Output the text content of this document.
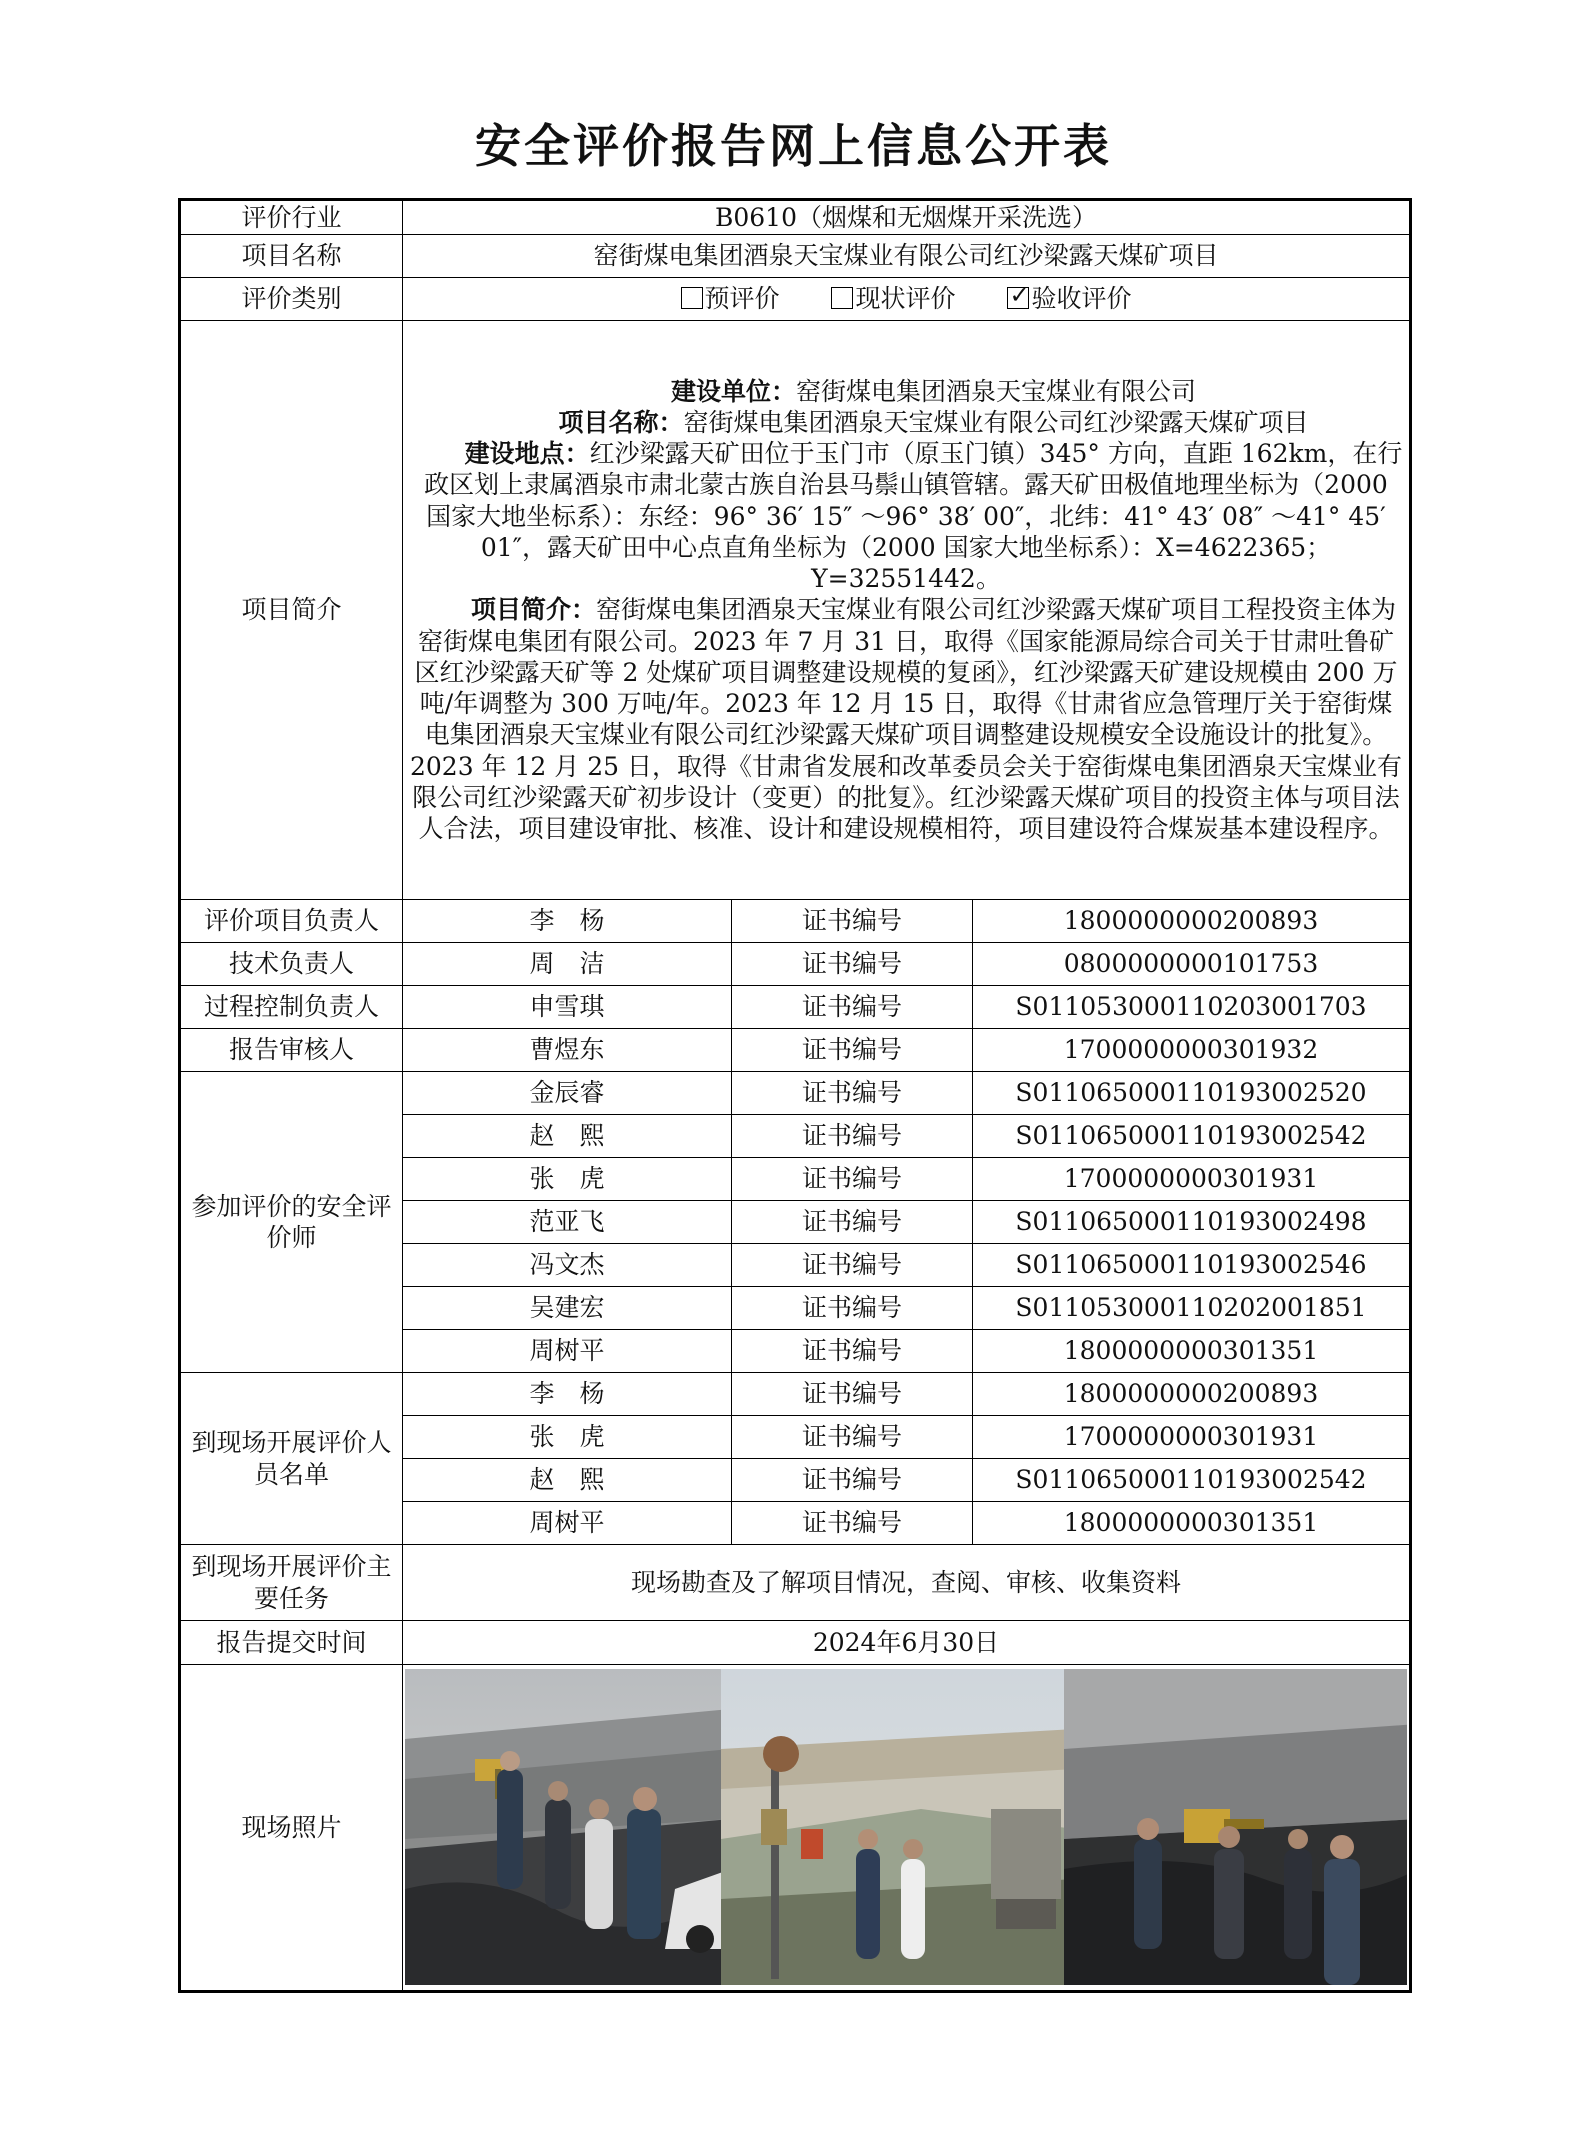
安全评价报告网上信息公开表
评价行业	B0610（烟煤和无烟煤开采洗选）		
项目名称	窑街煤电集团酒泉天宝煤业有限公司红沙梁露天煤矿项目		
评价类别	预评价 现状评价 ✓ 验收评价
项目简介	建设单位：窑街煤电集团酒泉天宝煤业有限公司

项目名称：窑街煤电集团酒泉天宝煤业有限公司红沙梁露天煤矿项目

建设地点：红沙梁露天矿田位于玉门市（原玉门镇）345° 方向，直距 162km，在行政区划上隶属酒泉市肃北蒙古族自治县马鬃山镇管辖。露天矿田极值地理坐标为（2000 国家大地坐标系）：东经：96° 36′ 15″ ～96° 38′ 00″，北纬：41° 43′ 08″ ～41° 45′ 01″，露天矿田中心点直角坐标为（2000 国家大地坐标系）：X=4622365；Y=32551442。

项目简介：窑街煤电集团酒泉天宝煤业有限公司红沙梁露天煤矿项目工程投资主体为窑街煤电集团有限公司。2023 年 7 月 31 日，取得《国家能源局综合司关于甘肃吐鲁矿区红沙梁露天矿等 2 处煤矿项目调整建设规模的复函》，红沙梁露天矿建设规模由 200 万吨/年调整为 300 万吨/年。2023 年 12 月 15 日，取得《甘肃省应急管理厅关于窑街煤电集团酒泉天宝煤业有限公司红沙梁露天煤矿项目调整建设规模安全设施设计的批复》。2023 年 12 月 25 日，取得《甘肃省发展和改革委员会关于窑街煤电集团酒泉天宝煤业有限公司红沙梁露天矿初步设计（变更）的批复》。红沙梁露天煤矿项目的投资主体与项目法人合法，项目建设审批、核准、设计和建设规模相符，项目建设符合煤炭基本建设程序。		

评价项目负责人	李　杨	证书编号	1800000000200893
技术负责人	周　洁	证书编号	0800000000101753
过程控制负责人	申雪琪	证书编号	S011053000110203001703
报告审核人	曹煜东	证书编号	1700000000301932
参加评价的安全评价师	金辰睿	证书编号	S011065000110193002520
	赵　熙	证书编号	S011065000110193002542
	张　虎	证书编号	1700000000301931
	范亚飞	证书编号	S011065000110193002498
	冯文杰	证书编号	S011065000110193002546
	吴建宏	证书编号	S011053000110202001851
	周树平	证书编号	1800000000301351
到现场开展评价人员名单	李　杨	证书编号	1800000000200893
	张　虎	证书编号	1700000000301931
	赵　熙	证书编号	S011065000110193002542
	周树平	证书编号	1800000000301351
到现场开展评价主要任务	现场勘查及了解项目情况，查阅、审核、收集资料		
报告提交时间	2024年6月30日		
现场照片	
